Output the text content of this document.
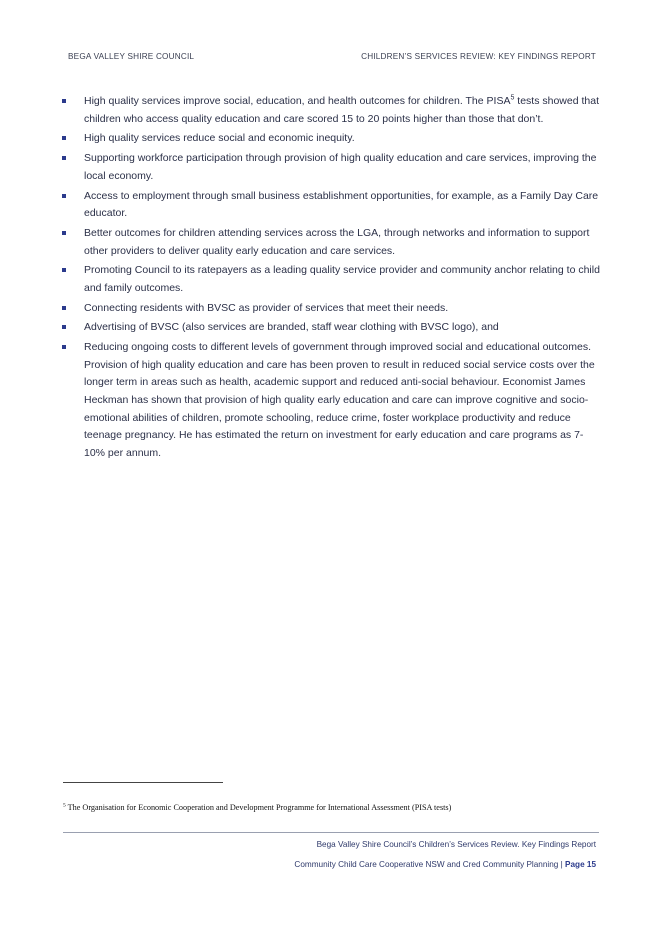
BEGA VALLEY SHIRE COUNCIL	CHILDREN’S SERVICES REVIEW: KEY FINDINGS REPORT
High quality services improve social, education, and health outcomes for children. The PISA$^5$ tests showed that children who access quality education and care scored 15 to 20 points higher than those that don’t.
High quality services reduce social and economic inequity.
Supporting workforce participation through provision of high quality education and care services, improving the local economy.
Access to employment through small business establishment opportunities, for example, as a Family Day Care educator.
Better outcomes for children attending services across the LGA, through networks and information to support other providers to deliver quality early education and care services.
Promoting Council to its ratepayers as a leading quality service provider and community anchor relating to child and family outcomes.
Connecting residents with BVSC as provider of services that meet their needs.
Advertising of BVSC (also services are branded, staff wear clothing with BVSC logo), and
Reducing ongoing costs to different levels of government through improved social and educational outcomes. Provision of high quality education and care has been proven to result in reduced social service costs over the longer term in areas such as health, academic support and reduced anti-social behaviour. Economist James Heckman has shown that provision of high quality early education and care can improve cognitive and socio-emotional abilities of children, promote schooling, reduce crime, foster workplace productivity and reduce teenage pregnancy. He has estimated the return on investment for early education and care programs as 7- 10% per annum.
$^5$ The Organisation for Economic Cooperation and Development Programme for International Assessment (PISA tests)
Bega Valley Shire Council’s Children’s Services Review. Key Findings Report
Community Child Care Cooperative NSW and Cred Community Planning | Page 15
